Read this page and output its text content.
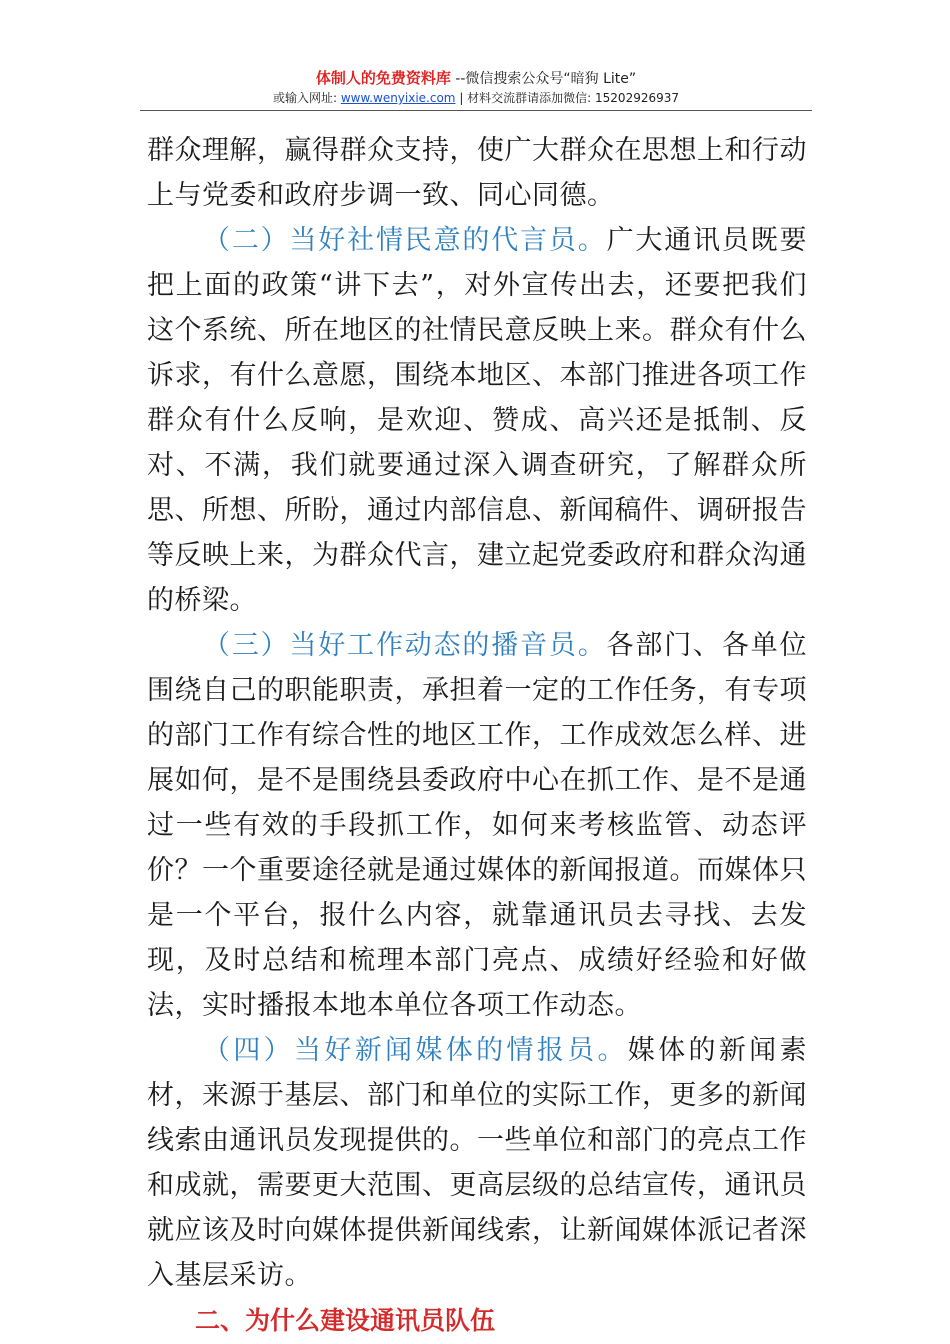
体制人的免费资料库 --微信搜索公众号“暗狗 Lite”
或输入网址: www.wenyixie.com | 材料交流群请添加微信: 15202926937

群众理解，赢得群众支持，使广大群众在思想上和行动上与党委和政府步调一致、同心同德。

（二）当好社情民意的代言员。广大通讯员既要把上面的政策“讲下去”，对外宣传出去，还要把我们这个系统、所在地区的社情民意反映上来。群众有什么诉求，有什么意愿，围绕本地区、本部门推进各项工作群众有什么反响，是欢迎、赞成、高兴还是抵制、反对、不满，我们就要通过深入调查研究，了解群众所思、所想、所盼，通过内部信息、新闻稿件、调研报告等反映上来，为群众代言，建立起党委政府和群众沟通的桥梁。

（三）当好工作动态的播音员。各部门、各单位围绕自己的职能职责，承担着一定的工作任务，有专项的部门工作有综合性的地区工作，工作成效怎么样、进展如何，是不是围绕县委政府中心在抓工作、是不是通过一些有效的手段抓工作，如何来考核监管、动态评价？一个重要途径就是通过媒体的新闻报道。而媒体只是一个平台，报什么内容，就靠通讯员去寻找、去发现，及时总结和梳理本部门亮点、成绩好经验和好做法，实时播报本地本单位各项工作动态。

（四）当好新闻媒体的情报员。媒体的新闻素材，来源于基层、部门和单位的实际工作，更多的新闻线索由通讯员发现提供的。一些单位和部门的亮点工作和成就，需要更大范围、更高层级的总结宣传，通讯员就应该及时向媒体提供新闻线索，让新闻媒体派记者深入基层采访。

二、为什么建设通讯员队伍
